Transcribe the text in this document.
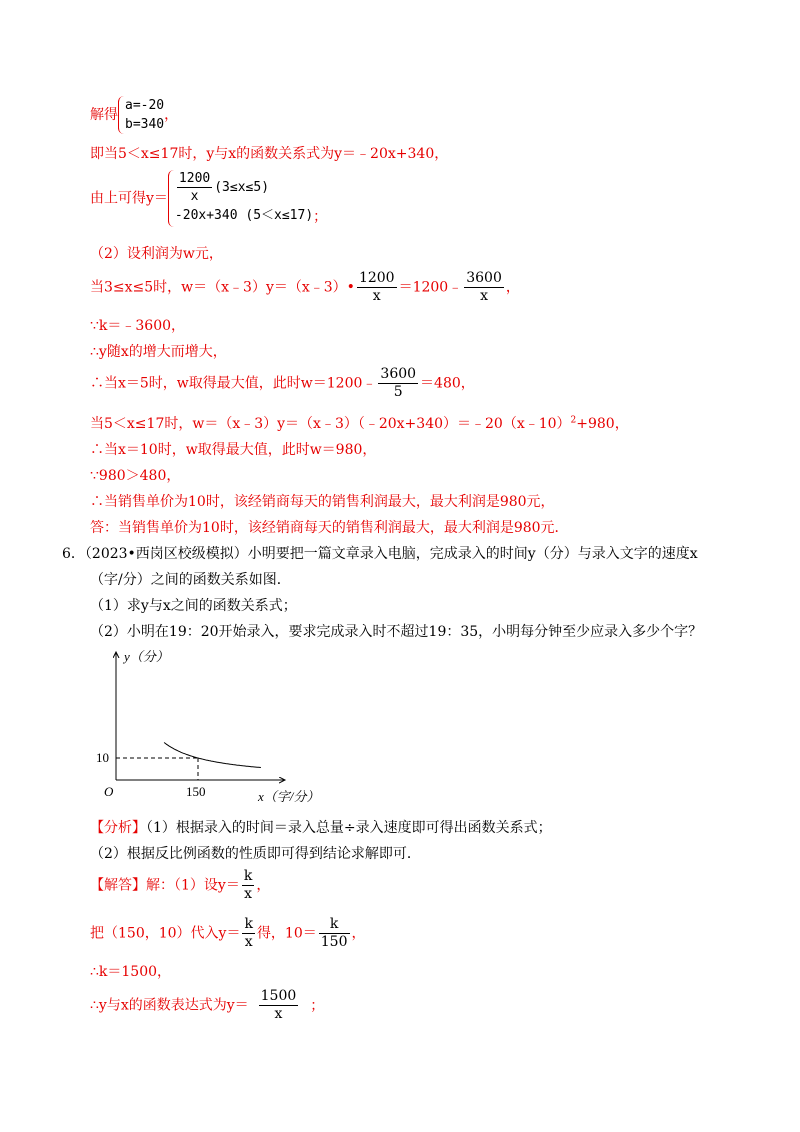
解得
a=-20
b=340
，
即当5＜x≤17时，y与x的函数关系式为y＝﹣20x+340，
由上可得$y= \frac{1200}{x} (3\le x\le 5)$
-20x+340 (5＜x≤17) ；
（2）设利润为w元，
当3≤x≤5时，w＝（x﹣3）y＝（x﹣3）• $\frac{1200}{x}$ ＝1200﹣ $\frac{3600}{x}$ ，
∵k＝﹣3600，
∴y随x的增大而增大，
∴当x＝5时，w取得最大值，此时w＝1200﹣ $\frac{3600}{5} =480$，
当5＜x≤17时，w＝（x﹣3）y＝（x﹣3）（﹣20x+340）＝﹣20（x﹣10）$^2$+980，
∴当x＝10时，w取得最大值，此时w＝980，
∵980＞480，
∴当销售单价为10时，该经销商每天的销售利润最大，最大利润是980元，
答：当销售单价为10时，该经销商每天的销售利润最大，最大利润是980元．
6．（2023•西岗区校级模拟）小明要把一篇文章录入电脑，完成录入的时间y（分）与录入文字的速度x
（字/分）之间的函数关系如图．
（1）求y与x之间的函数关系式；
（2）小明在19：20开始录入，要求完成录入时不超过19：35，小明每分钟至少应录入多少个字？
y（分）
x（字/分）
O	150
10
【分析】（1）根据录入的时间＝录入总量÷录入速度即可得出函数关系式；
（2）根据反比例函数的性质即可得到结论求解即可．
【解答】解：（1）设$y= \frac{k}{x}$ ，
把（150，10）代入$y= \frac{k}{x}$ 得，$10= \frac{k}{150}$ ，
∴k＝1500，
∴y与x的函数表达式为$y= \frac{1500}{x}$ ；
